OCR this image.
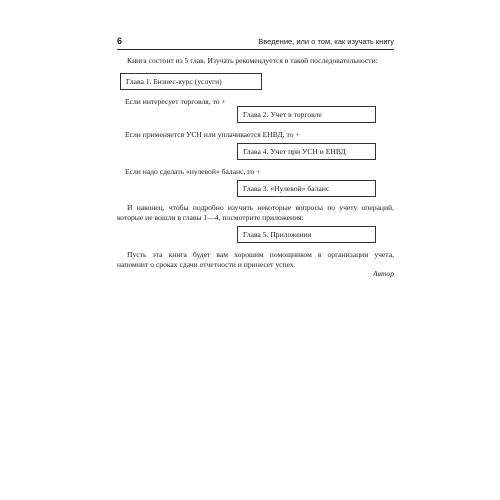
6	Введение, или о том, как изучать книгу
Книга состоит из 5 глав. Изучать рекомендуется в такой последовательности:
Глава 1. Бизнес-курс (услуги)
Если интересует торговля, то +
Глава 2. Учет в торговле
Если применяется УСН или уплачивается ЕНВД, то +
Глава 4. Учет при УСН и ЕНВД
Если надо сделать «нулевой» баланс, то +
Глава 3. «Нулевой» баланс
И наконец, чтобы подробно изучить некоторые вопросы по учету операций,
которые не вошли в главы 1—4, посмотрите приложения:
Глава 5. Приложения
Пусть эта книга будет вам хорошим помощником в организации учета,
напомнит о сроках сдачи отчетности и принесет успех.
Автор
